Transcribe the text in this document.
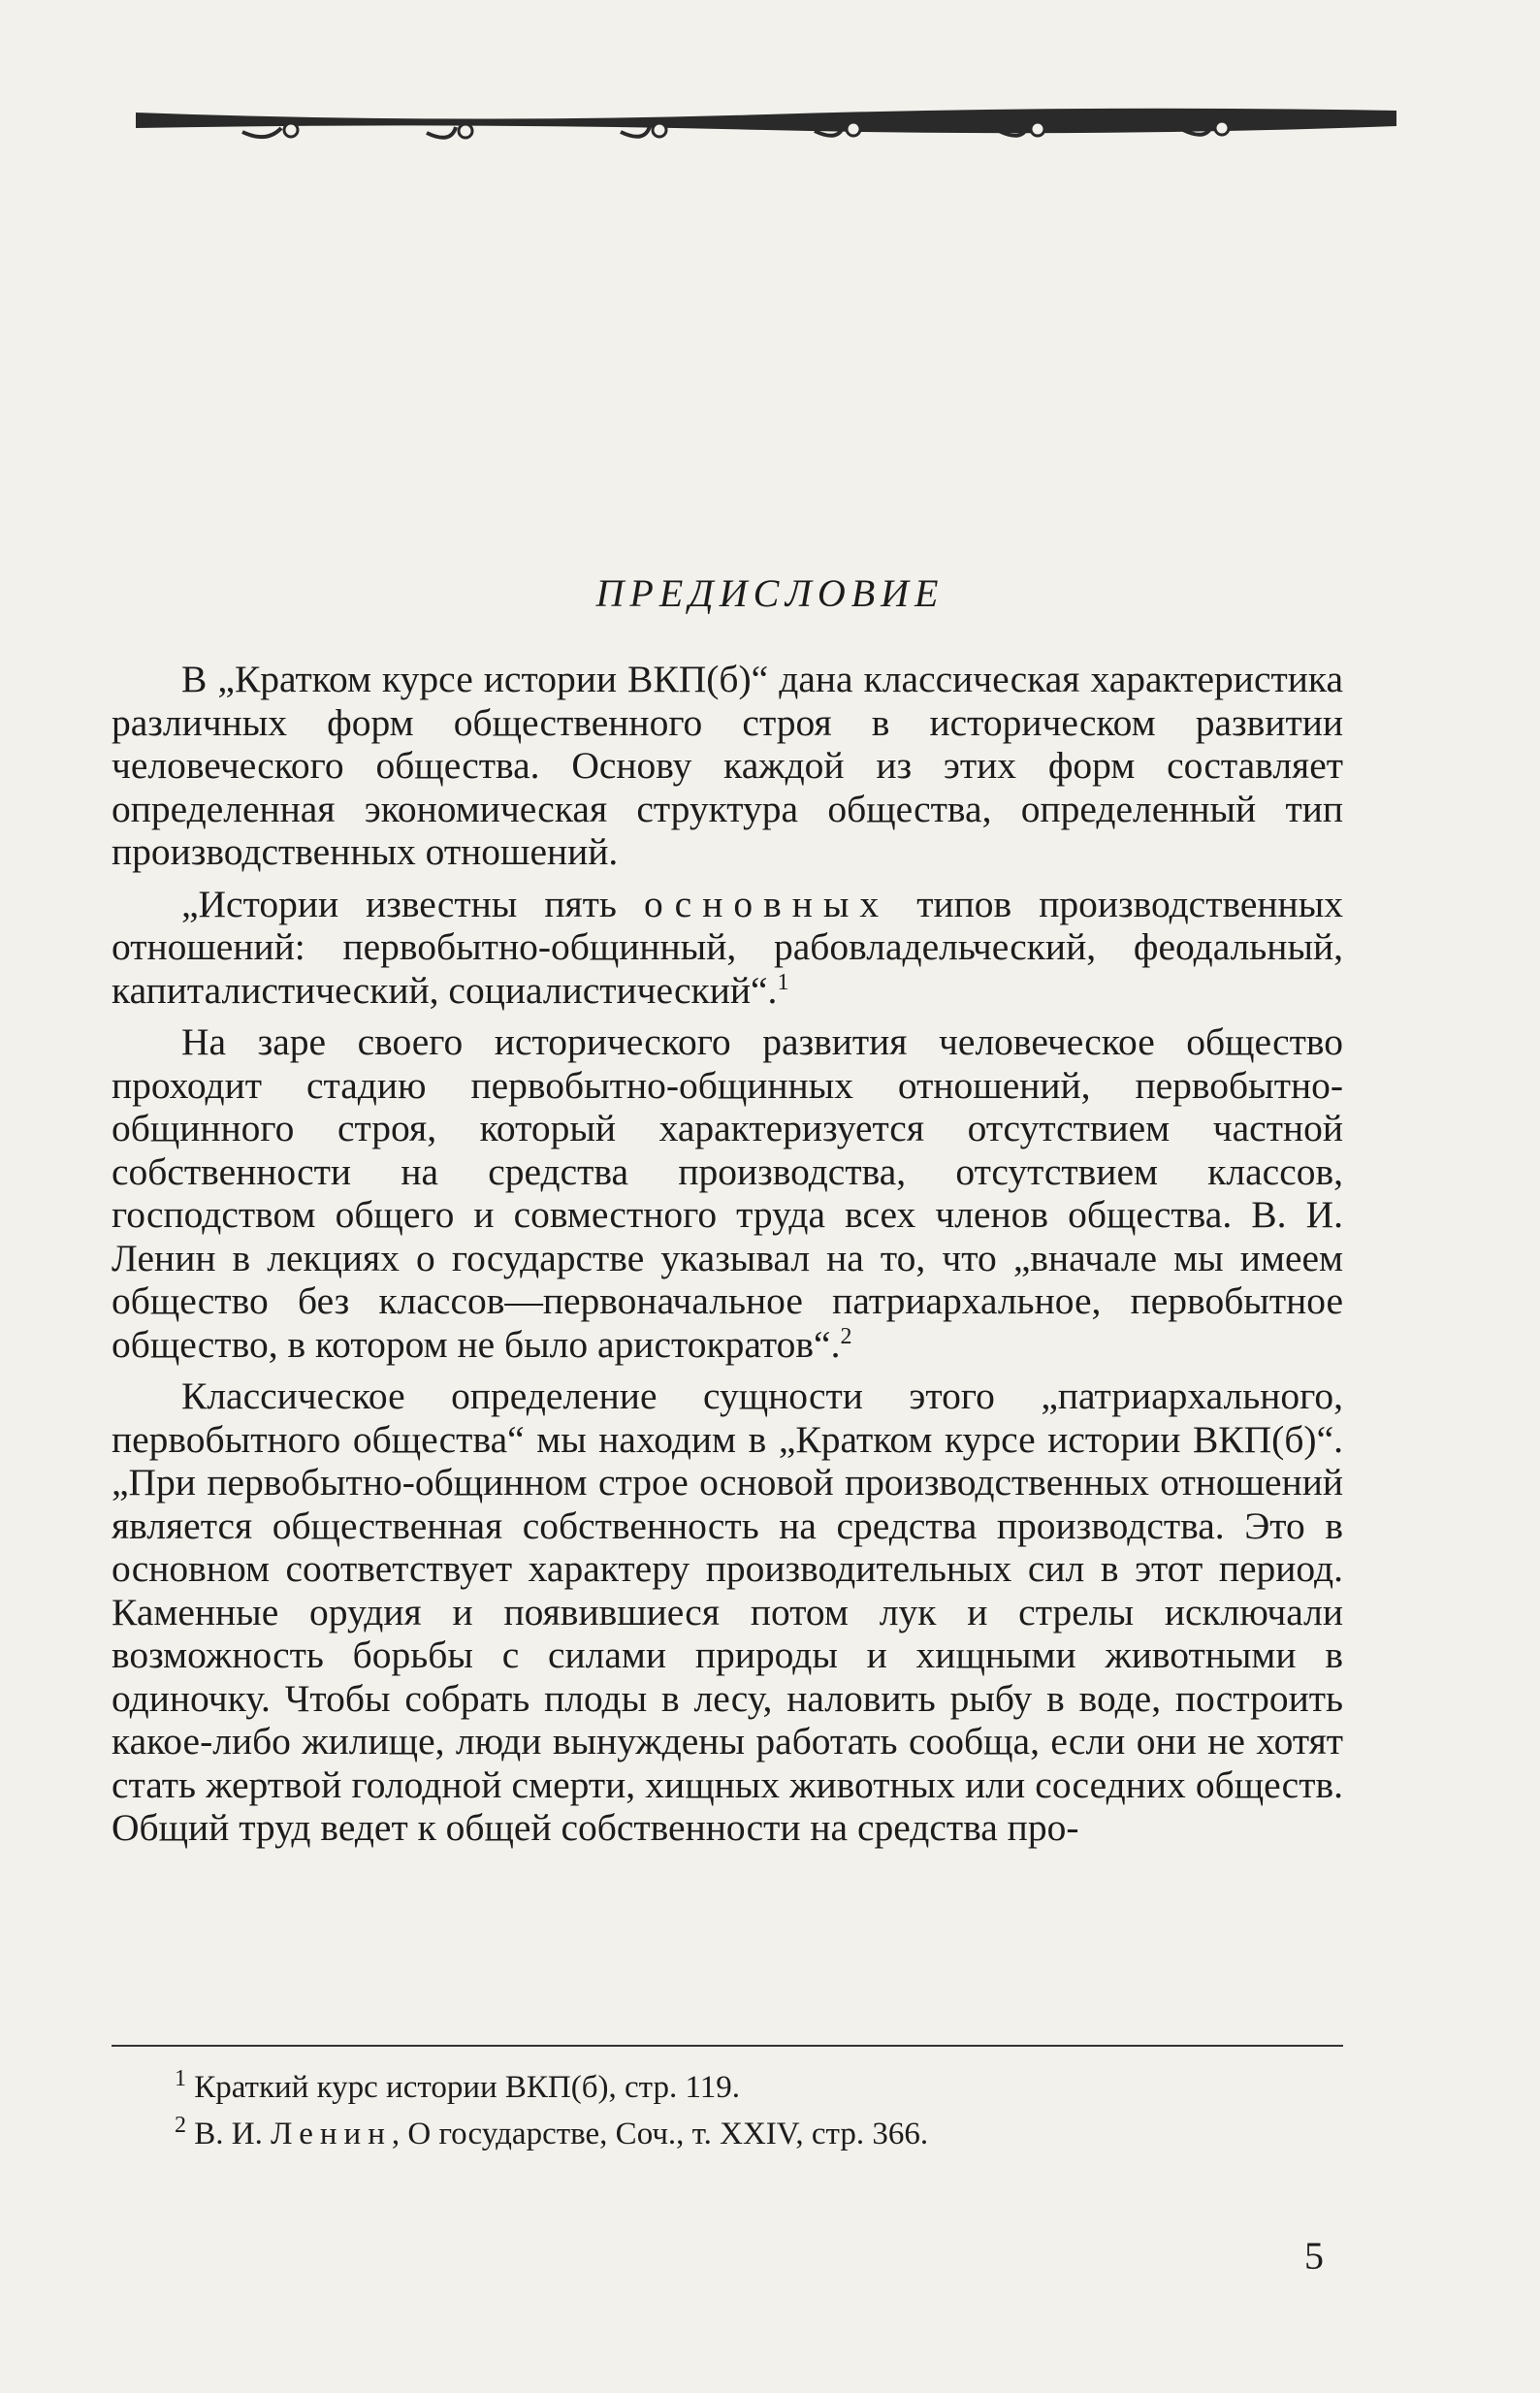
ПРЕДИСЛОВИЕ

В „Кратком курсе истории ВКП(б)“ дана классическая характеристика различных форм общественного строя в историческом развитии человеческого общества. Основу каждой из этих форм составляет определенная экономическая структура общества, определенный тип производственных отношений.

„Истории известны пять основных типов производственных отношений: первобытно-общинный, рабовладельческий, феодальный, капиталистический, социалистический“.$^1$

На заре своего исторического развития человеческое общество проходит стадию первобытно-общинных отношений, первобытно-общинного строя, который характеризуется отсутствием частной собственности на средства производства, отсутствием классов, господством общего и совместного труда всех членов общества. В. И. Ленин в лекциях о государстве указывал на то, что „вначале мы имеем общество без классов—первоначальное патриархальное, первобытное общество, в котором не было аристократов“.$^2$

Классическое определение сущности этого „патриархального, первобытного общества“ мы находим в „Кратком курсе истории ВКП(б)“. „При первобытно-общинном строе основой производственных отношений является общественная собственность на средства производства. Это в основном соответствует характеру производительных сил в этот период. Каменные орудия и появившиеся потом лук и стрелы исключали возможность борьбы с силами природы и хищными животными в одиночку. Чтобы собрать плоды в лесу, наловить рыбу в воде, построить какое-либо жилище, люди вынуждены работать сообща, если они не хотят стать жертвой голодной смерти, хищных животных или соседних обществ. Общий труд ведет к общей собственности на средства про-

$^1$ Краткий курс истории ВКП(б), стр. 119.
$^2$ В. И. Ленин, О государстве, Соч., т. XXIV, стр. 366.
5
